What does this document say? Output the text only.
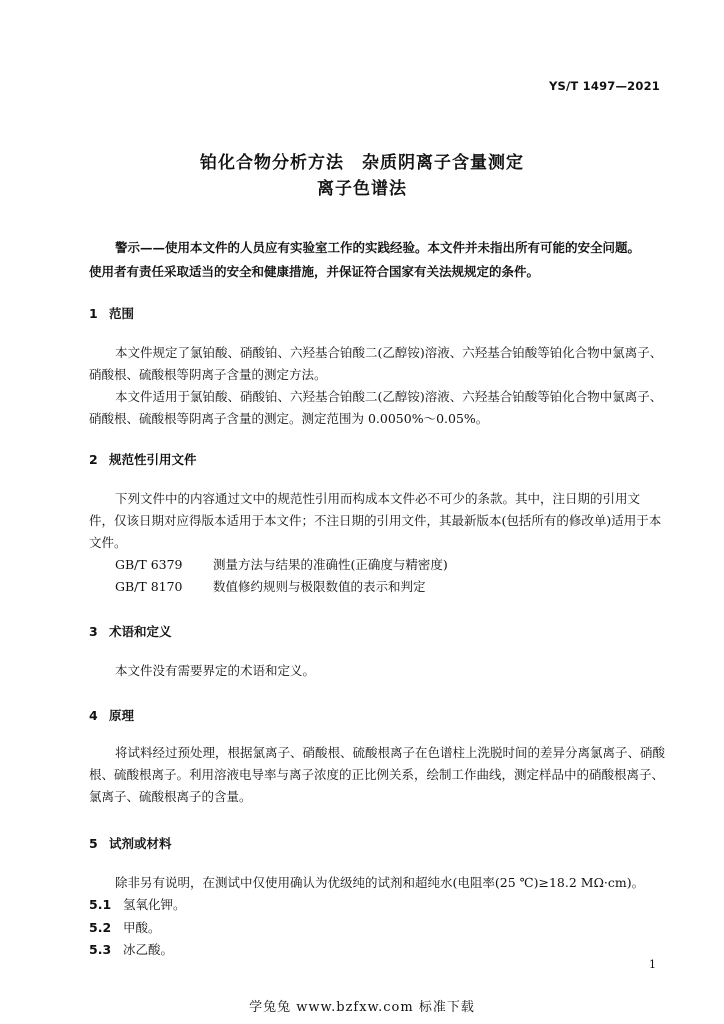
YS/T 1497—2021
铂化合物分析方法　杂质阴离子含量测定
离子色谱法
警示——使用本文件的人员应有实验室工作的实践经验。本文件并未指出所有可能的安全问题。
使用者有责任采取适当的安全和健康措施，并保证符合国家有关法规规定的条件。
1 范围
本文件规定了氯铂酸、硝酸铂、六羟基合铂酸二(乙醇铵)溶液、六羟基合铂酸等铂化合物中氯离子、
硝酸根、硫酸根等阴离子含量的测定方法。
本文件适用于氯铂酸、硝酸铂、六羟基合铂酸二(乙醇铵)溶液、六羟基合铂酸等铂化合物中氯离子、
硝酸根、硫酸根等阴离子含量的测定。测定范围为 0.0050%～0.05%。
2 规范性引用文件
下列文件中的内容通过文中的规范性引用而构成本文件必不可少的条款。其中，注日期的引用文
件，仅该日期对应得版本适用于本文件；不注日期的引用文件，其最新版本(包括所有的修改单)适用于本
文件。
GB/T 6379 测量方法与结果的准确性(正确度与精密度)
GB/T 8170 数值修约规则与极限数值的表示和判定
3 术语和定义
本文件没有需要界定的术语和定义。
4 原理
将试料经过预处理，根据氯离子、硝酸根、硫酸根离子在色谱柱上洗脱时间的差异分离氯离子、硝酸
根、硫酸根离子。利用溶液电导率与离子浓度的正比例关系，绘制工作曲线，测定样品中的硝酸根离子、
氯离子、硫酸根离子的含量。
5 试剂或材料
除非另有说明，在测试中仅使用确认为优级纯的试剂和超纯水(电阻率(25 ℃)≥18.2 MΩ·cm)。
5.1 氢氧化钾。
5.2 甲酸。
5.3 冰乙酸。
1
学兔兔 www.bzfxw.com 标准下载
